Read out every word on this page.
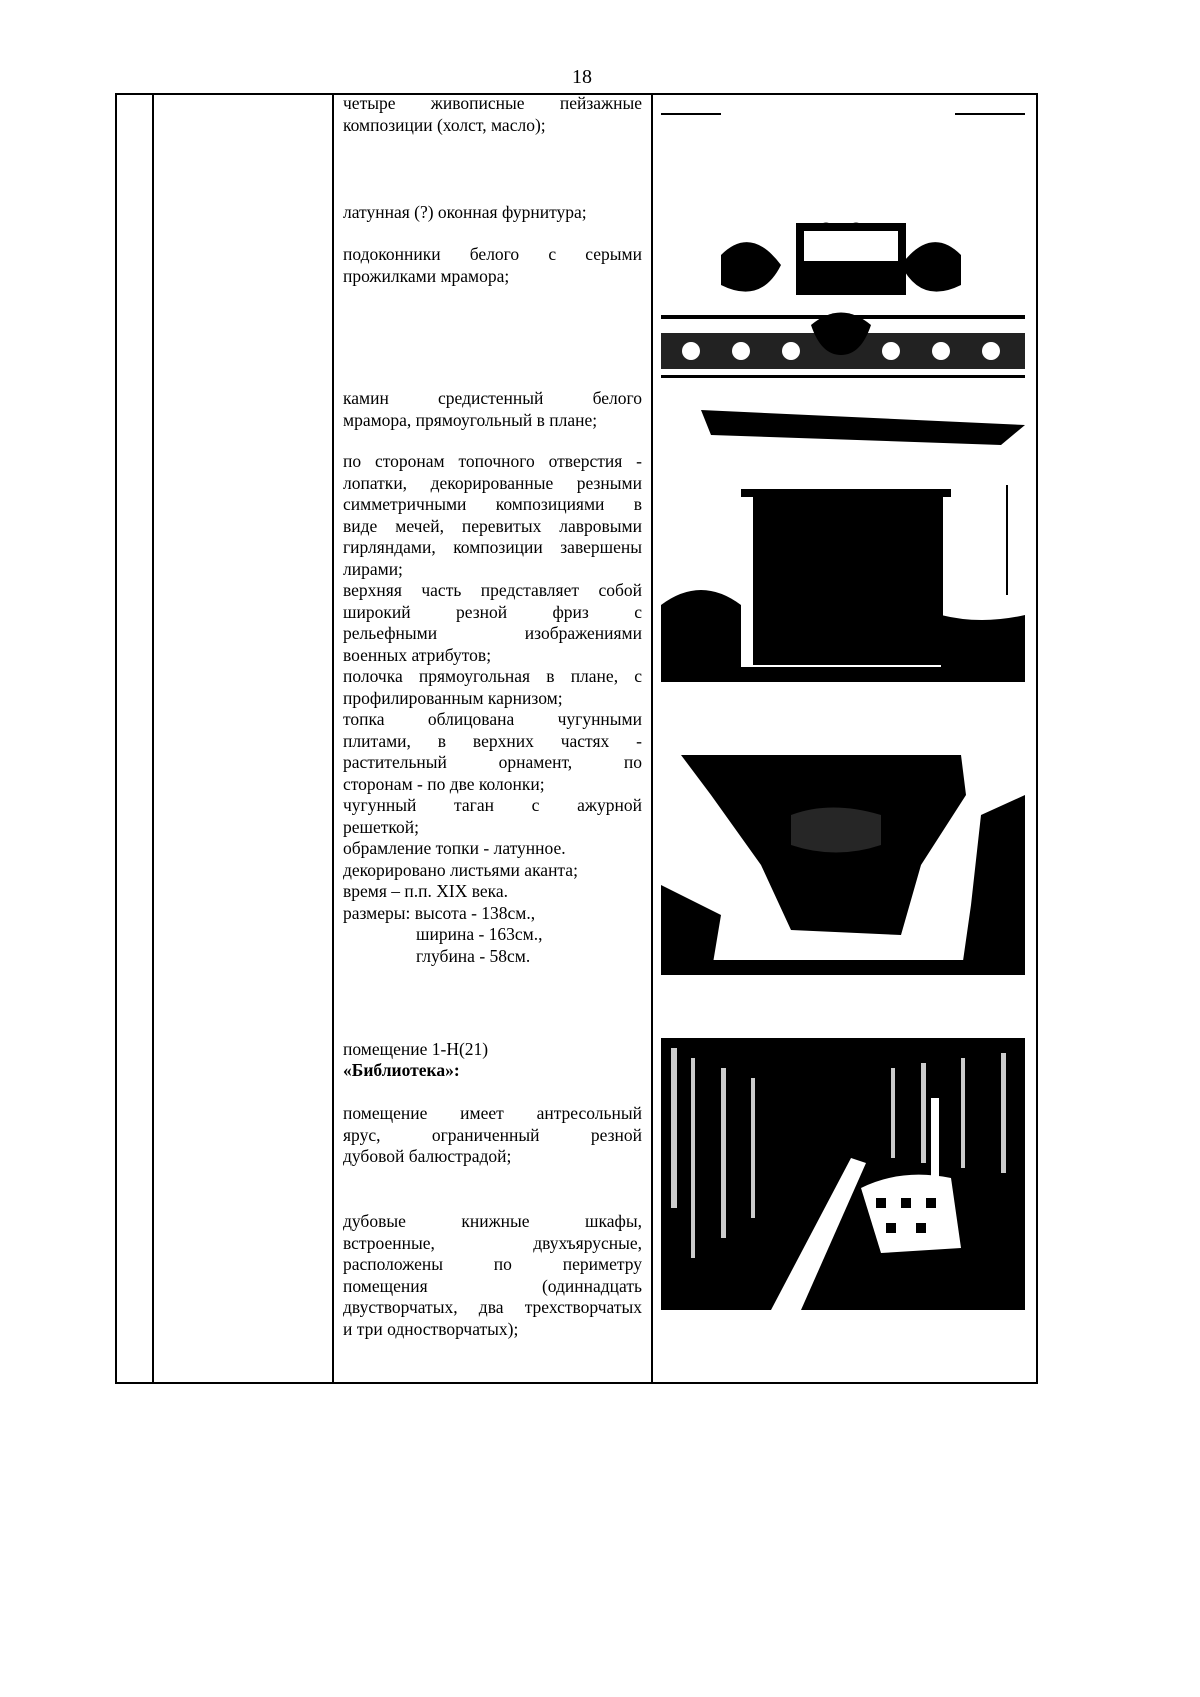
18
четыре живописные пейзажные
композиции (холст, масло);
латунная (?) оконная фурнитура;
подоконники белого с серыми
прожилками мрамора;
камин средистенный белого
мрамора, прямоугольный в плане;
по сторонам топочного отверстия -
лопатки, декорированные резными
симметричными композициями в
виде мечей, перевитых лавровыми
гирляндами, композиции завершены
лирами;
верхняя часть представляет собой
широкий резной фриз с
рельефными изображениями
военных атрибутов;
полочка прямоугольная в плане, с
профилированным карнизом;
топка облицована чугунными
плитами, в верхних частях -
растительный орнамент, по
сторонам - по две колонки;
чугунный таган с ажурной
решеткой;
обрамление топки - латунное.
декорировано листьями аканта;
время – п.п. XIX века.
размеры: высота - 138см.,
ширина - 163см.,
глубина - 58см.
помещение 1-Н(21)
«Библиотека»:
помещение имеет антресольный
ярус, ограниченный резной
дубовой балюстрадой;
дубовые книжные шкафы,
встроенные, двухъярусные,
расположены по периметру
помещения (одиннадцать
двустворчатых, два трехстворчатых
и три одностворчатых);
